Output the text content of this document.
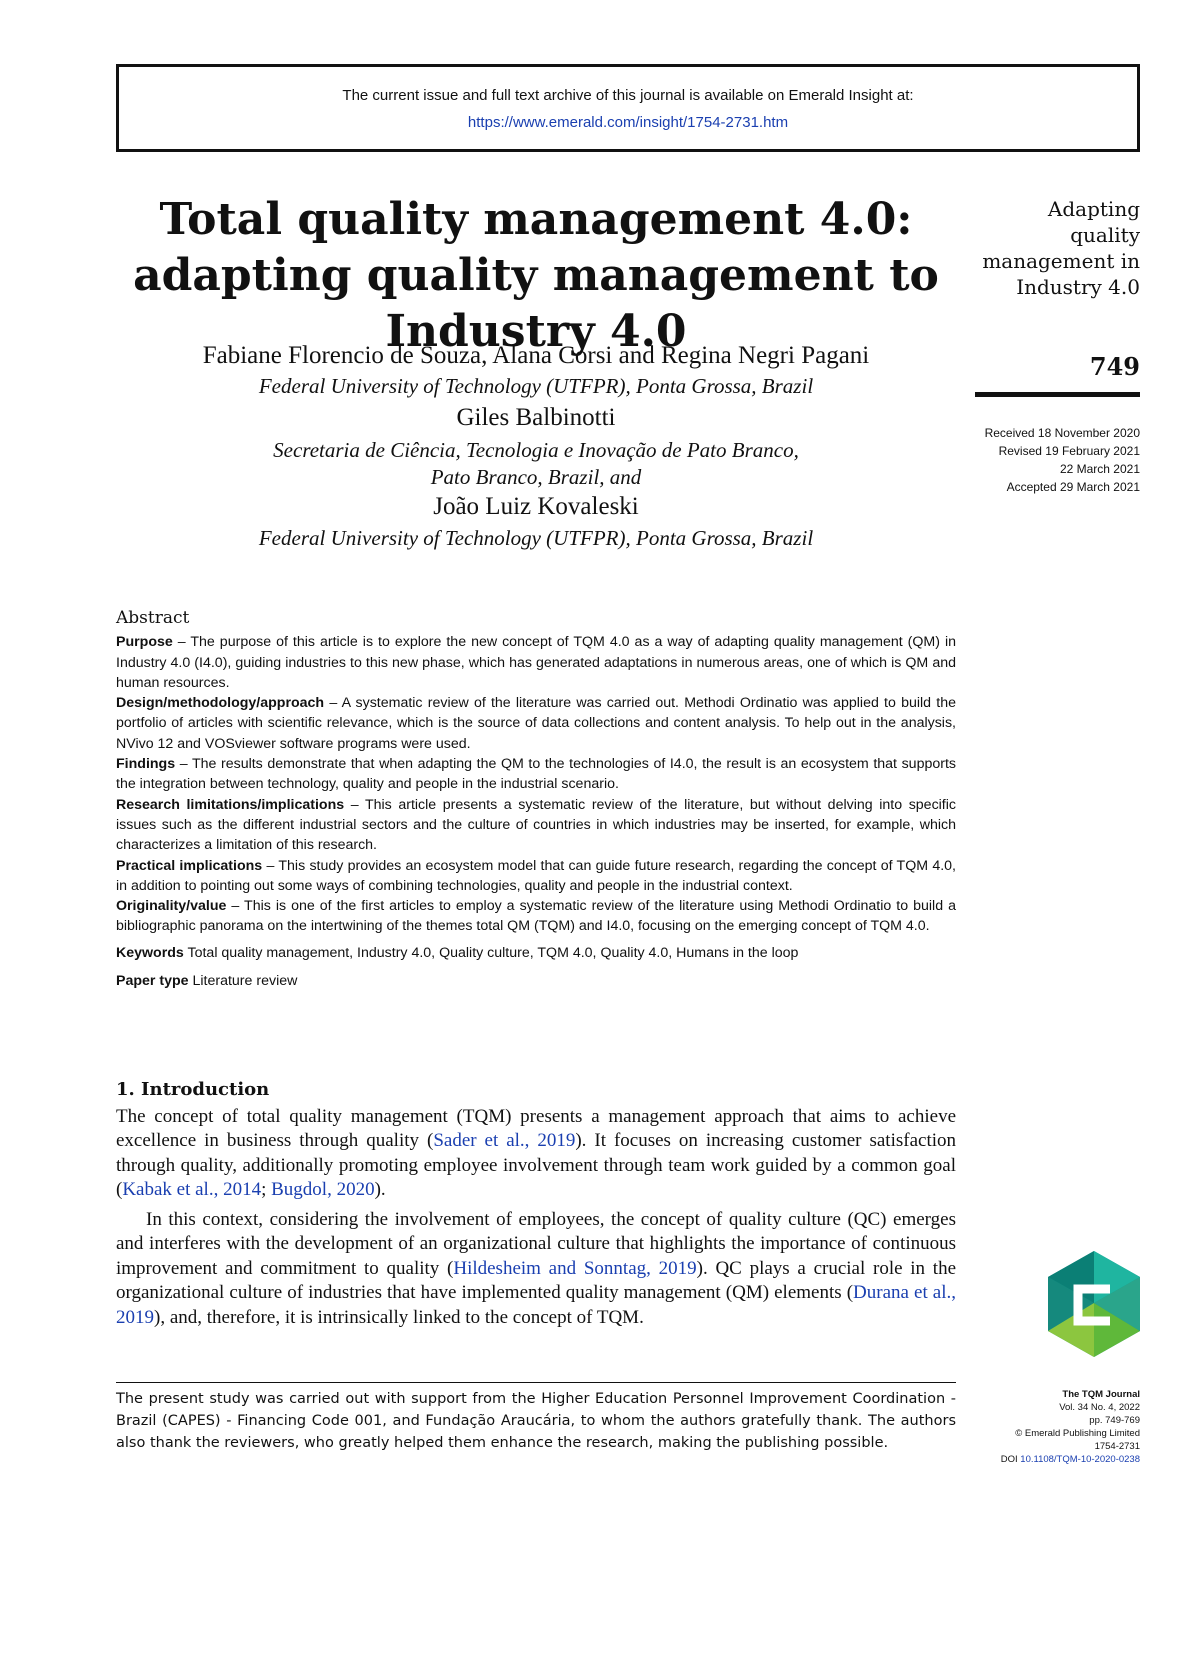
The current issue and full text archive of this journal is available on Emerald Insight at:
https://www.emerald.com/insight/1754-2731.htm
Total quality management 4.0:
adapting quality management to
Industry 4.0

Fabiane Florencio de Souza, Alana Corsi and Regina Negri Pagani

Federal University of Technology (UTFPR), Ponta Grossa, Brazil

Giles Balbinotti

Secretaria de Ciência, Tecnologia e Inovação de Pato Branco,

Pato Branco, Brazil, and

João Luiz Kovaleski

Federal University of Technology (UTFPR), Ponta Grossa, Brazil

Adapting
quality
management in
Industry 4.0
749
Received 18 November 2020
Revised 19 February 2021
22 March 2021
Accepted 29 March 2021
Abstract

Purpose – The purpose of this article is to explore the new concept of TQM 4.0 as a way of adapting quality management (QM) in Industry 4.0 (I4.0), guiding industries to this new phase, which has generated adaptations in numerous areas, one of which is QM and human resources.

Design/methodology/approach – A systematic review of the literature was carried out. Methodi Ordinatio was applied to build the portfolio of articles with scientific relevance, which is the source of data collections and content analysis. To help out in the analysis, NVivo 12 and VOSviewer software programs were used.

Findings – The results demonstrate that when adapting the QM to the technologies of I4.0, the result is an ecosystem that supports the integration between technology, quality and people in the industrial scenario.

Research limitations/implications – This article presents a systematic review of the literature, but without delving into specific issues such as the different industrial sectors and the culture of countries in which industries may be inserted, for example, which characterizes a limitation of this research.

Practical implications – This study provides an ecosystem model that can guide future research, regarding the concept of TQM 4.0, in addition to pointing out some ways of combining technologies, quality and people in the industrial context.

Originality/value – This is one of the first articles to employ a systematic review of the literature using Methodi Ordinatio to build a bibliographic panorama on the intertwining of the themes total QM (TQM) and I4.0, focusing on the emerging concept of TQM 4.0.

Keywords Total quality management, Industry 4.0, Quality culture, TQM 4.0, Quality 4.0, Humans in the loop

Paper type Literature review

1. Introduction

The concept of total quality management (TQM) presents a management approach that aims to achieve excellence in business through quality (Sader et al., 2019). It focuses on increasing customer satisfaction through quality, additionally promoting employee involvement through team work guided by a common goal (Kabak et al., 2014; Bugdol, 2020).

In this context, considering the involvement of employees, the concept of quality culture (QC) emerges and interferes with the development of an organizational culture that highlights the importance of continuous improvement and commitment to quality (Hildesheim and Sonntag, 2019). QC plays a crucial role in the organizational culture of industries that have implemented quality management (QM) elements (Durana et al., 2019), and, therefore, it is intrinsically linked to the concept of TQM.

The present study was carried out with support from the Higher Education Personnel Improvement Coordination - Brazil (CAPES) - Financing Code 001, and Fundação Araucária, to whom the authors gratefully thank. The authors also thank the reviewers, who greatly helped them enhance the research, making the publishing possible.

The TQM Journal
Vol. 34 No. 4, 2022
pp. 749-769
© Emerald Publishing Limited
1754-2731
DOI 10.1108/TQM-10-2020-0238
